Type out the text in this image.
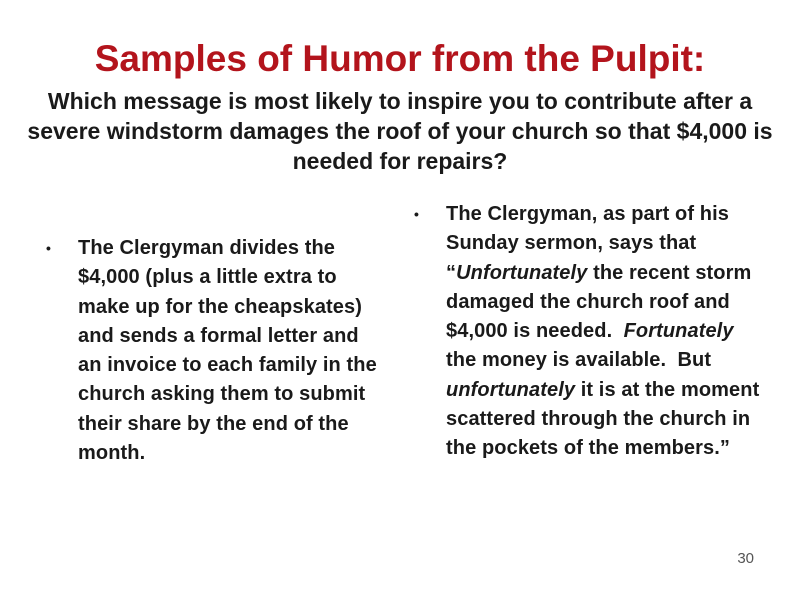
Samples of Humor from the Pulpit:

Which message is most likely to inspire you to contribute after a severe windstorm damages the roof of your church so that $4,000 is needed for repairs?

•	The Clergyman divides the $4,000 (plus a little extra to make up for the cheapskates) and sends a formal letter and an invoice to each family in the church asking them to submit their share by the end of the month.
•	The Clergyman, as part of his Sunday sermon, says that “Unfortunately the recent storm damaged the church roof and $4,000 is needed.  Fortunately the money is available.  But unfortunately it is at the moment scattered through the church in the pockets of the members.”
30
